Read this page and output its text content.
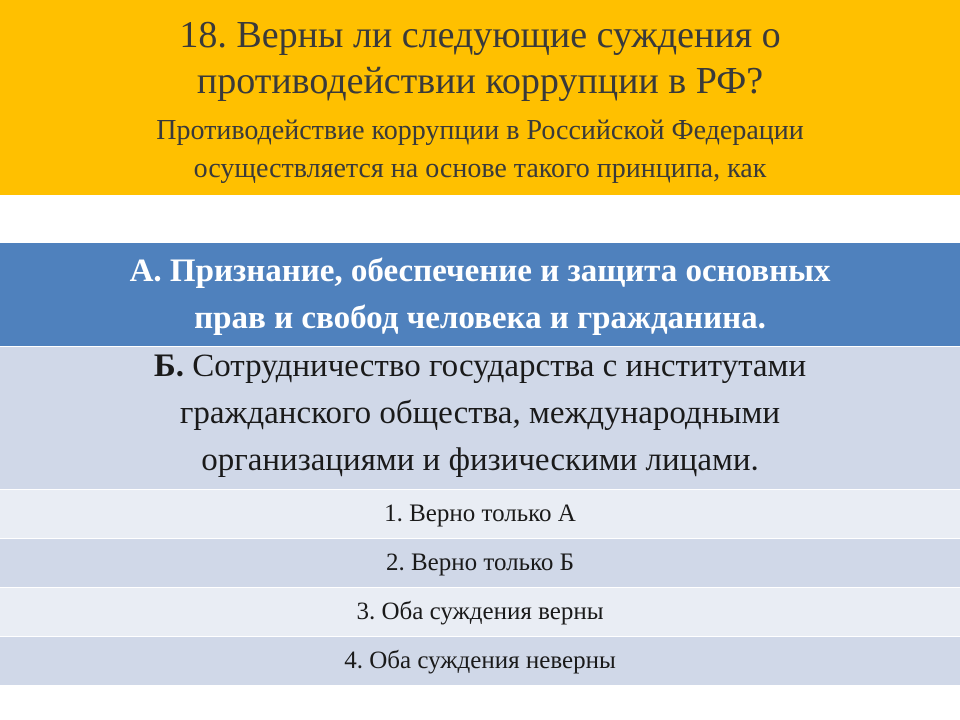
18. Верны ли следующие суждения о
противодействии коррупции в РФ?
Противодействие коррупции в Российской Федерации
осуществляется на основе такого принципа, как
А. Признание, обеспечение и защита основных
прав и свобод человека и гражданина.
Б. Сотрудничество государства с институтами
гражданского общества, международными
организациями и физическими лицами.
1. Верно только А
2. Верно только Б
3. Оба суждения верны
4. Оба суждения неверны
